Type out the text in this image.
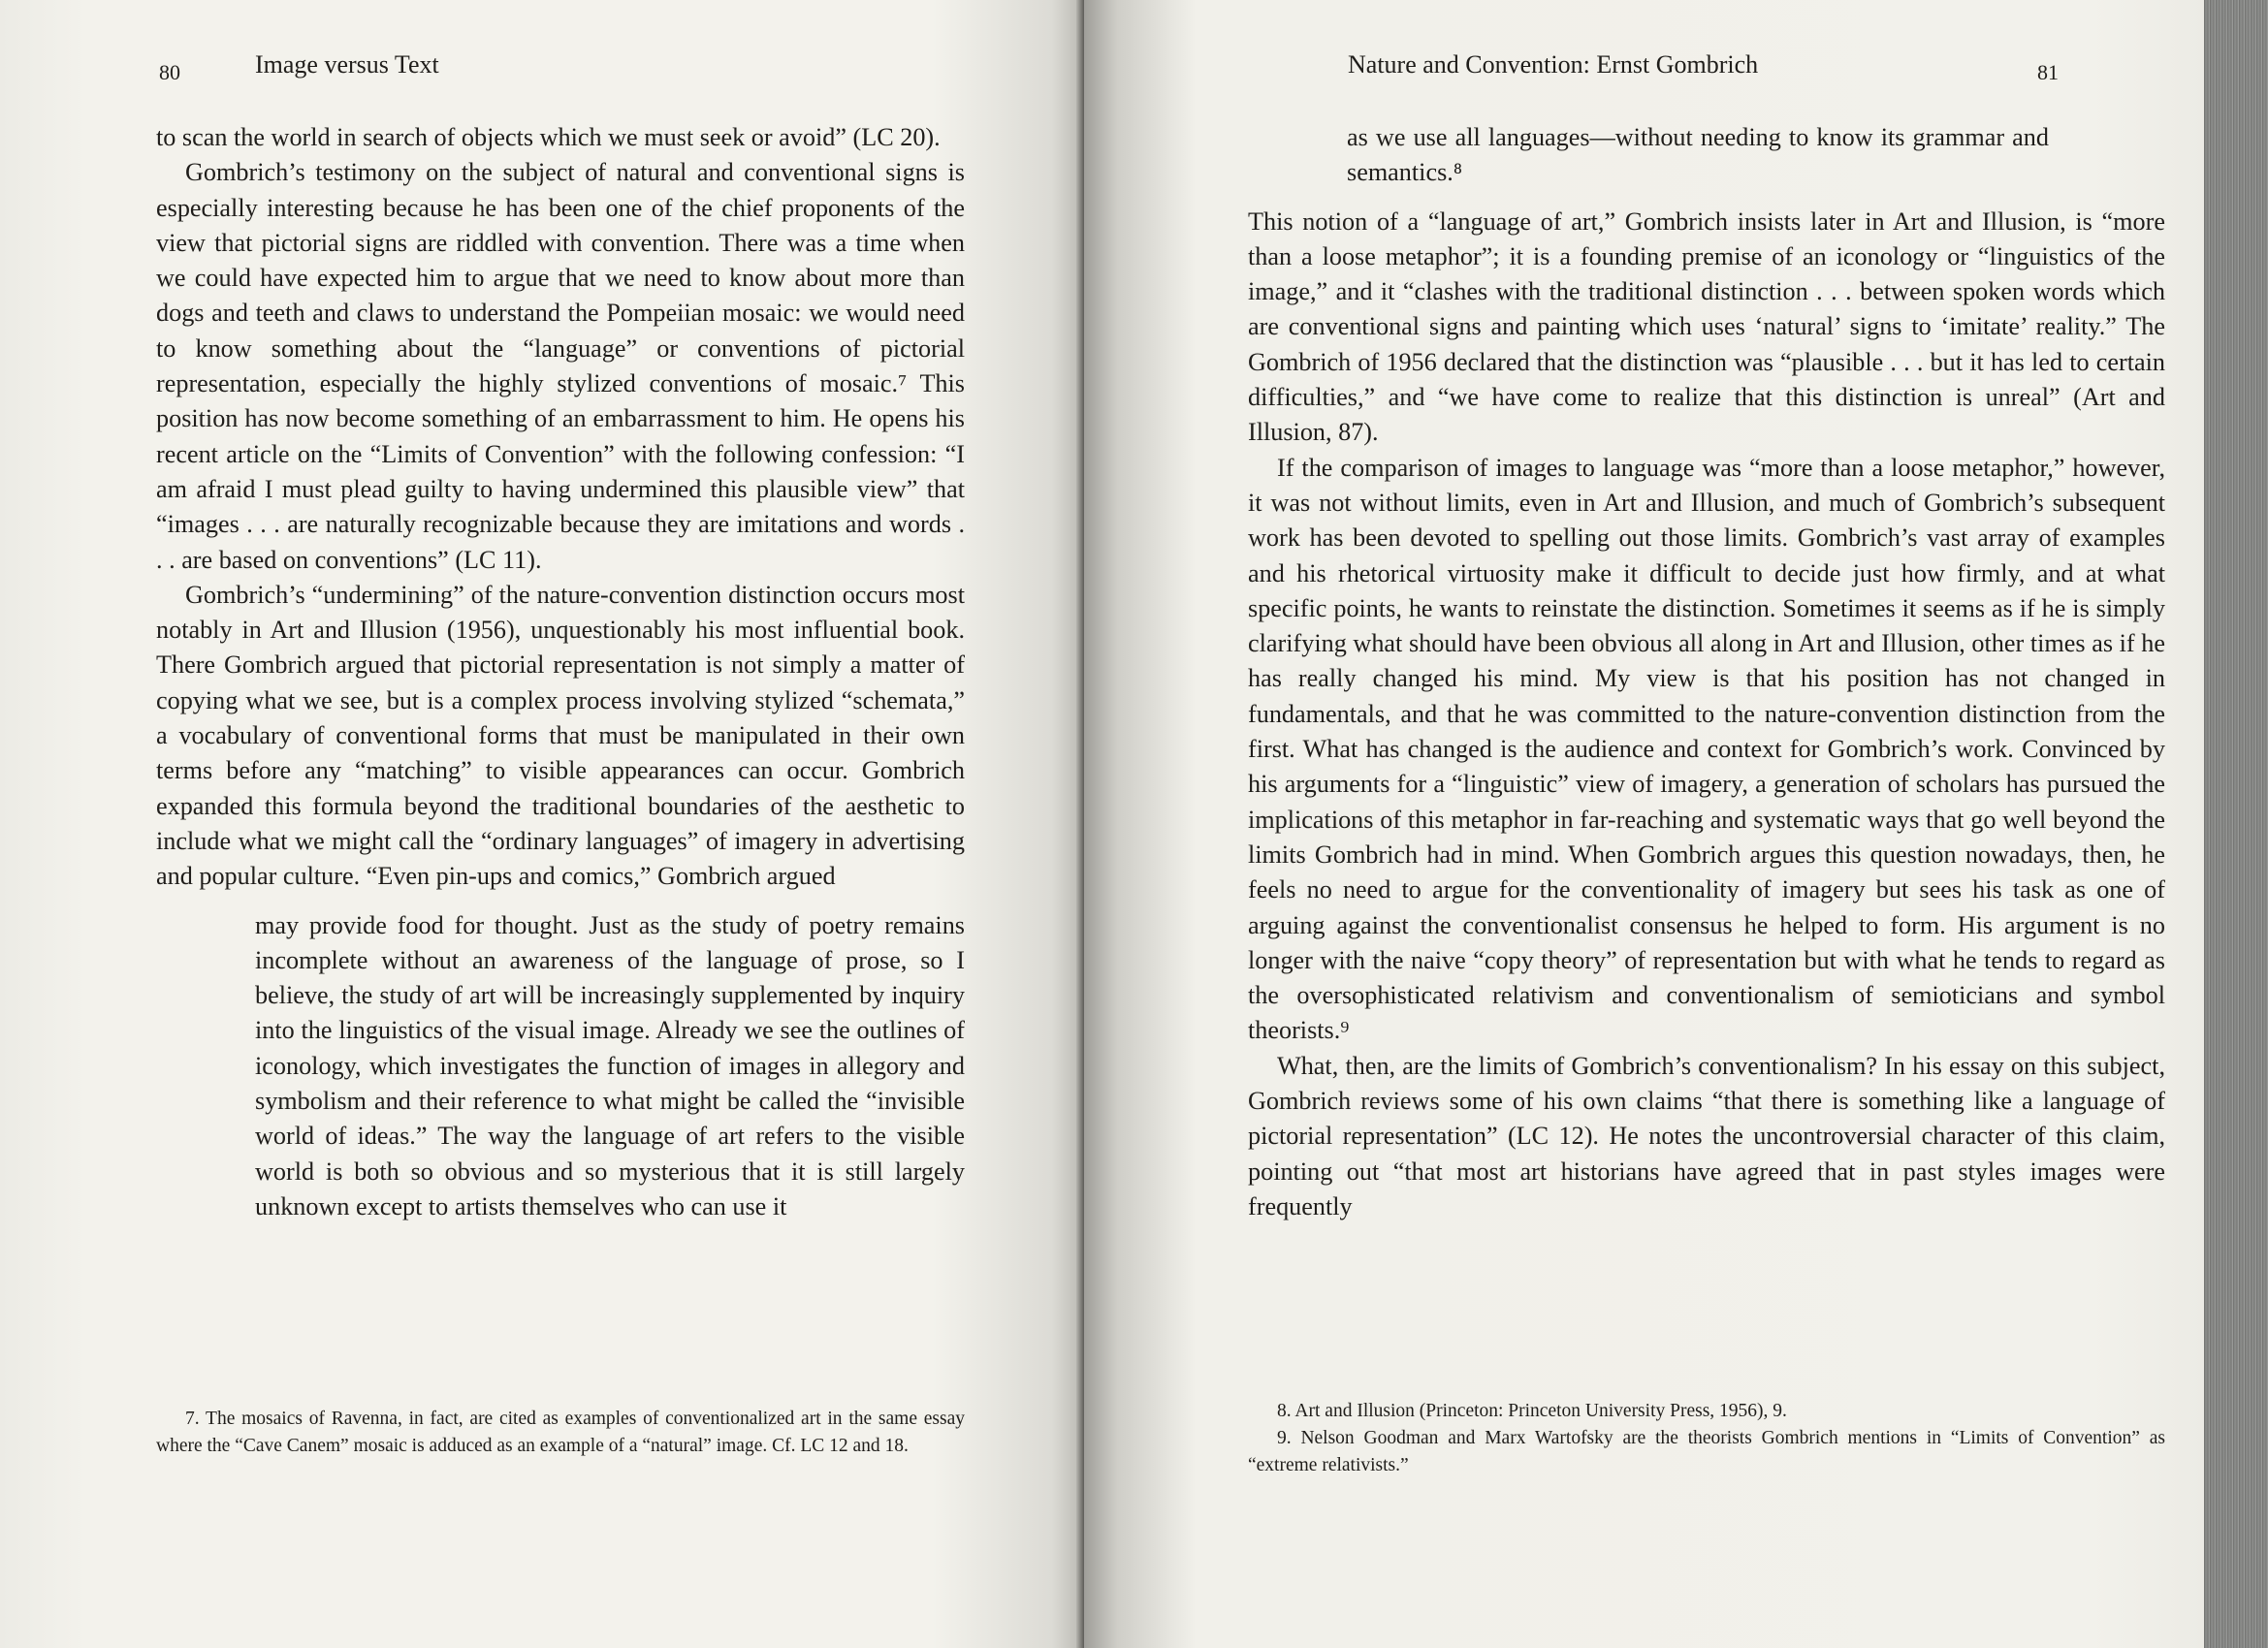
80	Image versus Text

to scan the world in search of objects which we must seek or avoid” (LC 20).

Gombrich’s testimony on the subject of natural and conventional signs is especially interesting because he has been one of the chief proponents of the view that pictorial signs are riddled with convention. There was a time when we could have expected him to argue that we need to know about more than dogs and teeth and claws to understand the Pompeiian mosaic: we would need to know something about the “language” or conventions of pictorial representation, especially the highly stylized conventions of mosaic.⁷ This position has now become something of an embarrassment to him. He opens his recent article on the “Limits of Convention” with the following confession: “I am afraid I must plead guilty to having undermined this plausible view” that “images . . . are naturally recognizable because they are imitations and words . . . are based on conventions” (LC 11).

Gombrich’s “undermining” of the nature-convention distinction occurs most notably in Art and Illusion (1956), unquestionably his most influential book. There Gombrich argued that pictorial representation is not simply a matter of copying what we see, but is a complex process involving stylized “schemata,” a vocabulary of conventional forms that must be manipulated in their own terms before any “matching” to visible appearances can occur. Gombrich expanded this formula beyond the traditional boundaries of the aesthetic to include what we might call the “ordinary languages” of imagery in advertising and popular culture. “Even pin-ups and comics,” Gombrich argued

may provide food for thought. Just as the study of poetry remains incomplete without an awareness of the language of prose, so I believe, the study of art will be increasingly supplemented by inquiry into the linguistics of the visual image. Already we see the outlines of iconology, which investigates the function of images in allegory and symbolism and their reference to what might be called the “invisible world of ideas.” The way the language of art refers to the visible world is both so obvious and so mysterious that it is still largely unknown except to artists themselves who can use it

7. The mosaics of Ravenna, in fact, are cited as examples of conventionalized art in the same essay where the “Cave Canem” mosaic is adduced as an example of a “natural” image. Cf. LC 12 and 18.

Nature and Convention: Ernst Gombrich	81

as we use all languages—without needing to know its grammar and semantics.⁸

This notion of a “language of art,” Gombrich insists later in Art and Illusion, is “more than a loose metaphor”; it is a founding premise of an iconology or “linguistics of the image,” and it “clashes with the traditional distinction . . . between spoken words which are conventional signs and painting which uses ‘natural’ signs to ‘imitate’ reality.” The Gombrich of 1956 declared that the distinction was “plausible . . . but it has led to certain difficulties,” and “we have come to realize that this distinction is unreal” (Art and Illusion, 87).

If the comparison of images to language was “more than a loose metaphor,” however, it was not without limits, even in Art and Illusion, and much of Gombrich’s subsequent work has been devoted to spelling out those limits. Gombrich’s vast array of examples and his rhetorical virtuosity make it difficult to decide just how firmly, and at what specific points, he wants to reinstate the distinction. Sometimes it seems as if he is simply clarifying what should have been obvious all along in Art and Illusion, other times as if he has really changed his mind. My view is that his position has not changed in fundamentals, and that he was committed to the nature-convention distinction from the first. What has changed is the audience and context for Gombrich’s work. Convinced by his arguments for a “linguistic” view of imagery, a generation of scholars has pursued the implications of this metaphor in far-reaching and systematic ways that go well beyond the limits Gombrich had in mind. When Gombrich argues this question nowadays, then, he feels no need to argue for the conventionality of imagery but sees his task as one of arguing against the conventionalist consensus he helped to form. His argument is no longer with the naive “copy theory” of representation but with what he tends to regard as the oversophisticated relativism and conventionalism of semioticians and symbol theorists.⁹

What, then, are the limits of Gombrich’s conventionalism? In his essay on this subject, Gombrich reviews some of his own claims “that there is something like a language of pictorial representation” (LC 12). He notes the uncontroversial character of this claim, pointing out “that most art historians have agreed that in past styles images were frequently

8. Art and Illusion (Princeton: Princeton University Press, 1956), 9.

9. Nelson Goodman and Marx Wartofsky are the theorists Gombrich mentions in “Limits of Convention” as “extreme relativists.”
